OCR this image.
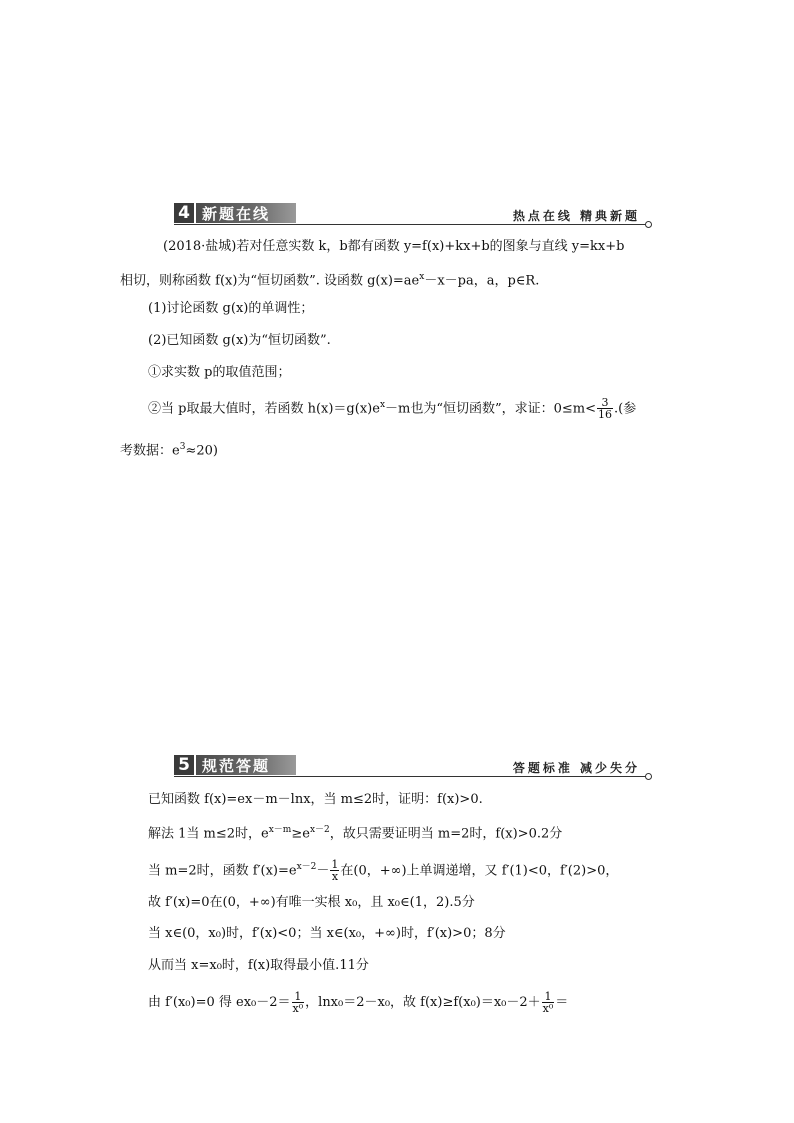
4 新题在线	热点在线 精典新题
(2018·盐城)若对任意实数 k，b都有函数 y=f(x)+kx+b的图象与直线 y=kx+b
相切，则称函数 f(x)为“恒切函数”. 设函数 $g(x)=ae^x-x-pa$，a，p∈R.
(1)讨论函数 g(x)的单调性；
(2)已知函数 g(x)为“恒切函数”.
①求实数 p的取值范围；
②当 p取最大值时，若函数 $h(x)=g(x)e^x-m$也为“恒切函数”，求证：$0\le m< \frac{3}{16}$ .(参
考数据：$e^3\approx 20$)
5 规范答题	答题标准 减少失分
已知函数 f(x)=ex－m－lnx，当 m≤2时，证明：f(x)>0.
解法 1当 m≤2时，$e^{x-m}\ge e^{x-2}$，故只需要证明当 m=2时，f(x)>0.2分
当 m=2时，函数 $f'(x)=e^{x-2}- \frac{1}{x}$ 在(0，+∞)上单调递增，又 f′(1)<0，f′(2)>0，
故 f′(x)=0在(0，+∞)有唯一实根 x₀，且 x₀∈(1，2).5分
当 x∈(0，x₀)时，f′(x)<0；当 x∈(x₀，+∞)时，f′(x)>0；8分
从而当 x=x₀时，f(x)取得最小值.11分
由 f′(x₀)=0 得 $ex_0-2= \frac{1}{\text{x⁰}}$ ，lnx₀＝2－x₀，故 $f(x)\ge f(x_0)=x_0-2+ \frac{1}{\text{x⁰}}$ ＝
